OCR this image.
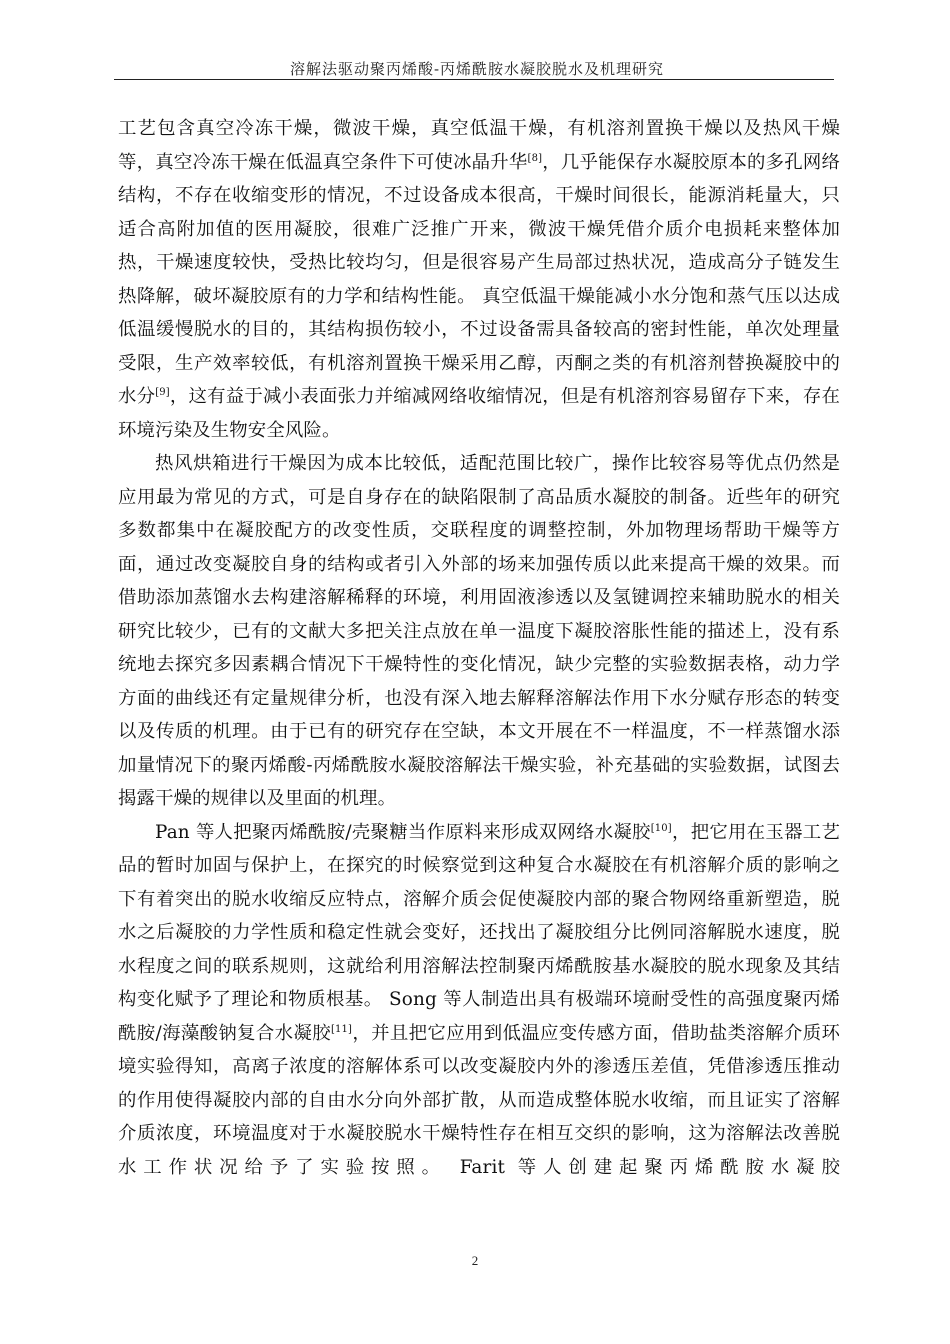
溶解法驱动聚丙烯酸-丙烯酰胺水凝胶脱水及机理研究

工艺包含真空冷冻干燥，微波干燥，真空低温干燥，有机溶剂置换干燥以及热风干燥等，真空冷冻干燥在低温真空条件下可使冰晶升华[8]，几乎能保存水凝胶原本的多孔网络结构，不存在收缩变形的情况，不过设备成本很高，干燥时间很长，能源消耗量大，只适合高附加值的医用凝胶，很难广泛推广开来，微波干燥凭借介质介电损耗来整体加热，干燥速度较快，受热比较均匀，但是很容易产生局部过热状况，造成高分子链发生热降解，破坏凝胶原有的力学和结构性能。 真空低温干燥能减小水分饱和蒸气压以达成低温缓慢脱水的目的，其结构损伤较小，不过设备需具备较高的密封性能，单次处理量受限，生产效率较低，有机溶剂置换干燥采用乙醇，丙酮之类的有机溶剂替换凝胶中的水分[9]，这有益于减小表面张力并缩减网络收缩情况，但是有机溶剂容易留存下来，存在环境污染及生物安全风险。

热风烘箱进行干燥因为成本比较低，适配范围比较广，操作比较容易等优点仍然是应用最为常见的方式，可是自身存在的缺陷限制了高品质水凝胶的制备。近些年的研究多数都集中在凝胶配方的改变性质，交联程度的调整控制，外加物理场帮助干燥等方面，通过改变凝胶自身的结构或者引入外部的场来加强传质以此来提高干燥的效果。而借助添加蒸馏水去构建溶解稀释的环境，利用固液渗透以及氢键调控来辅助脱水的相关研究比较少，已有的文献大多把关注点放在单一温度下凝胶溶胀性能的描述上，没有系统地去探究多因素耦合情况下干燥特性的变化情况，缺少完整的实验数据表格，动力学方面的曲线还有定量规律分析，也没有深入地去解释溶解法作用下水分赋存形态的转变以及传质的机理。由于已有的研究存在空缺，本文开展在不一样温度，不一样蒸馏水添加量情况下的聚丙烯酸-丙烯酰胺水凝胶溶解法干燥实验，补充基础的实验数据，试图去揭露干燥的规律以及里面的机理。

Pan 等人把聚丙烯酰胺/壳聚糖当作原料来形成双网络水凝胶[10]，把它用在玉器工艺品的暂时加固与保护上，在探究的时候察觉到这种复合水凝胶在有机溶解介质的影响之下有着突出的脱水收缩反应特点，溶解介质会促使凝胶内部的聚合物网络重新塑造，脱水之后凝胶的力学性质和稳定性就会变好，还找出了凝胶组分比例同溶解脱水速度，脱水程度之间的联系规则，这就给利用溶解法控制聚丙烯酰胺基水凝胶的脱水现象及其结构变化赋予了理论和物质根基。 Song 等人制造出具有极端环境耐受性的高强度聚丙烯酰胺/海藻酸钠复合水凝胶[11]，并且把它应用到低温应变传感方面，借助盐类溶解介质环境实验得知，高离子浓度的溶解体系可以改变凝胶内外的渗透压差值，凭借渗透压推动的作用使得凝胶内部的自由水分向外部扩散，从而造成整体脱水收缩，而且证实了溶解介质浓度，环境温度对于水凝胶脱水干燥特性存在相互交织的影响，这为溶解法改善脱水工作状况给予了实验按照。 Farit 等人创建起聚丙烯酰胺水凝胶

2
